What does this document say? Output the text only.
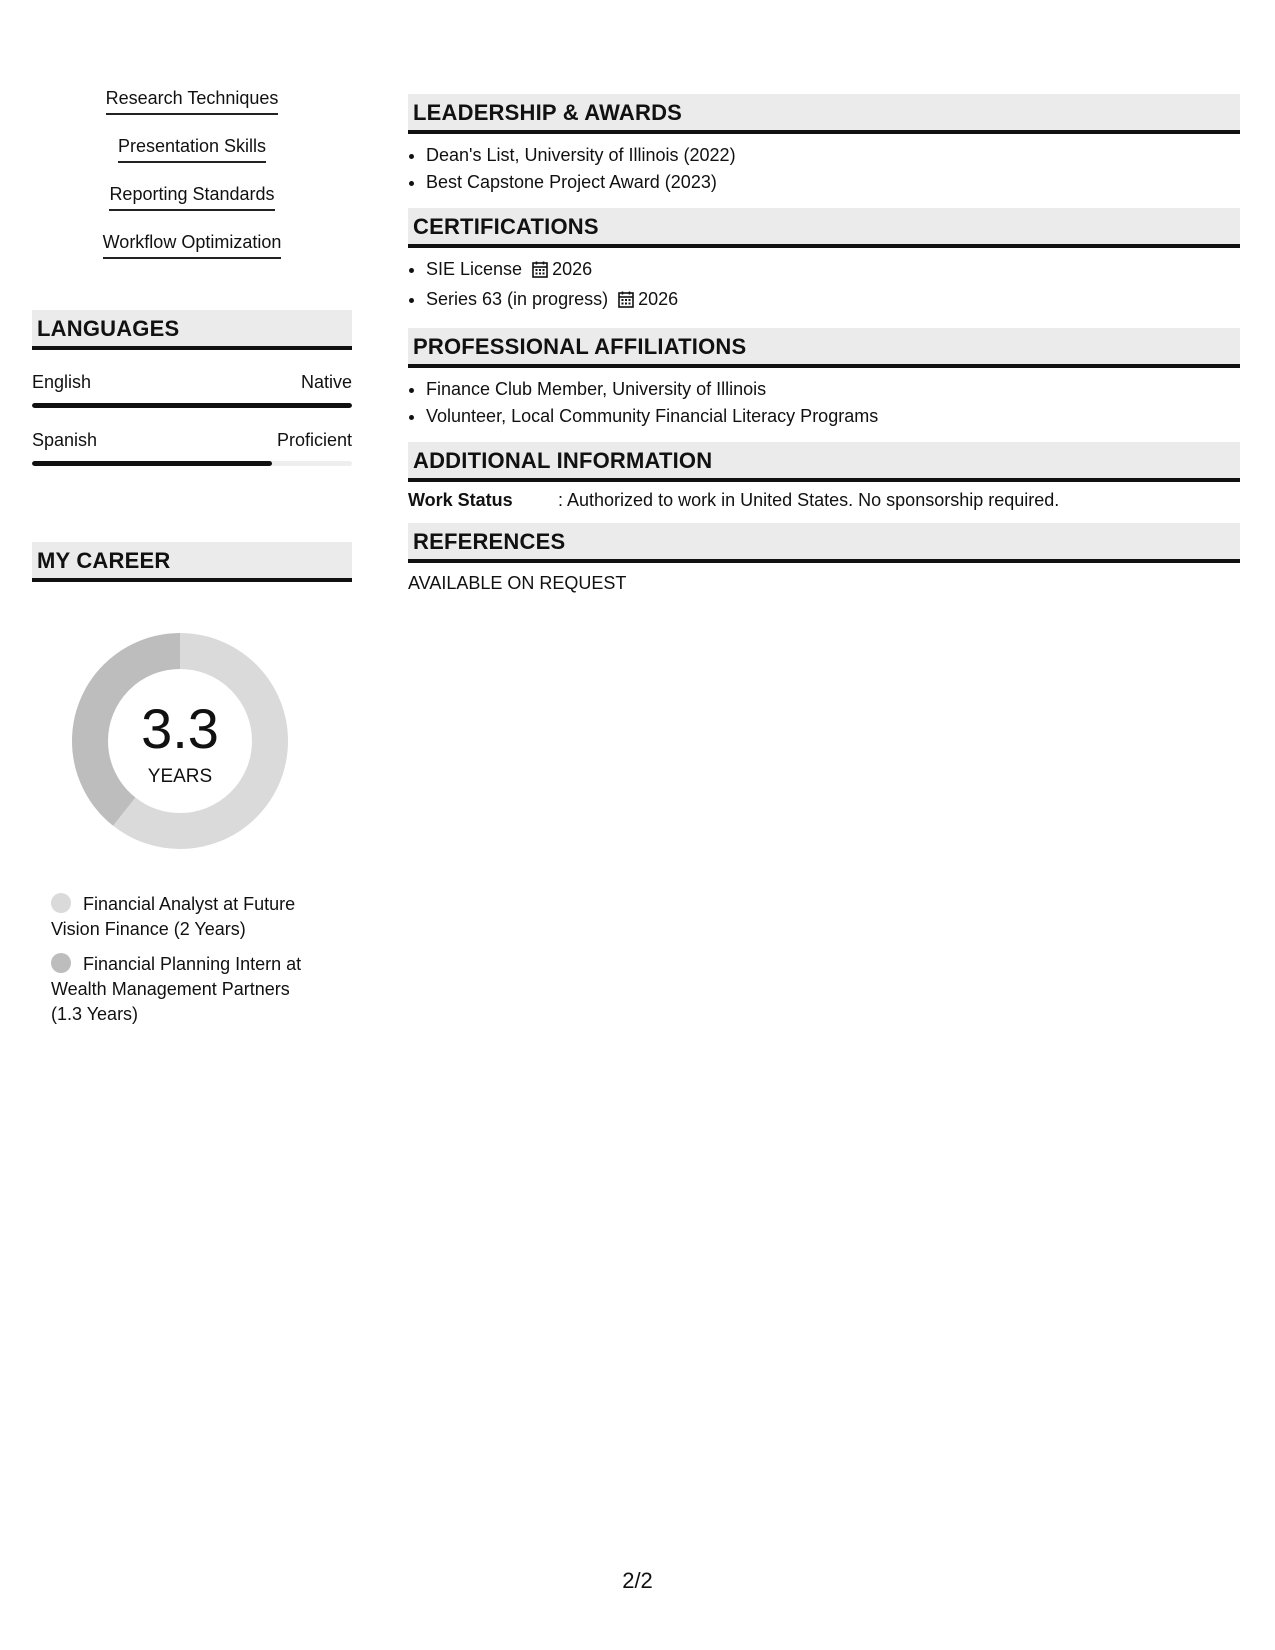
Research Techniques
Presentation Skills
Reporting Standards
Workflow Optimization
LANGUAGES
English	Native
Spanish	Proficient
MY CAREER
3.3
YEARS
Financial Analyst at Future Vision Finance (2 Years)
Financial Planning Intern at Wealth Management Partners (1.3 Years)
LEADERSHIP & AWARDS
• Dean's List, University of Illinois (2022)
• Best Capstone Project Award (2023)
CERTIFICATIONS
• SIE License 2026
• Series 63 (in progress) 2026
PROFESSIONAL AFFILIATIONS
• Finance Club Member, University of Illinois
• Volunteer, Local Community Financial Literacy Programs
ADDITIONAL INFORMATION
Work Status	: Authorized to work in United States. No sponsorship required.
REFERENCES
AVAILABLE ON REQUEST
2/2
